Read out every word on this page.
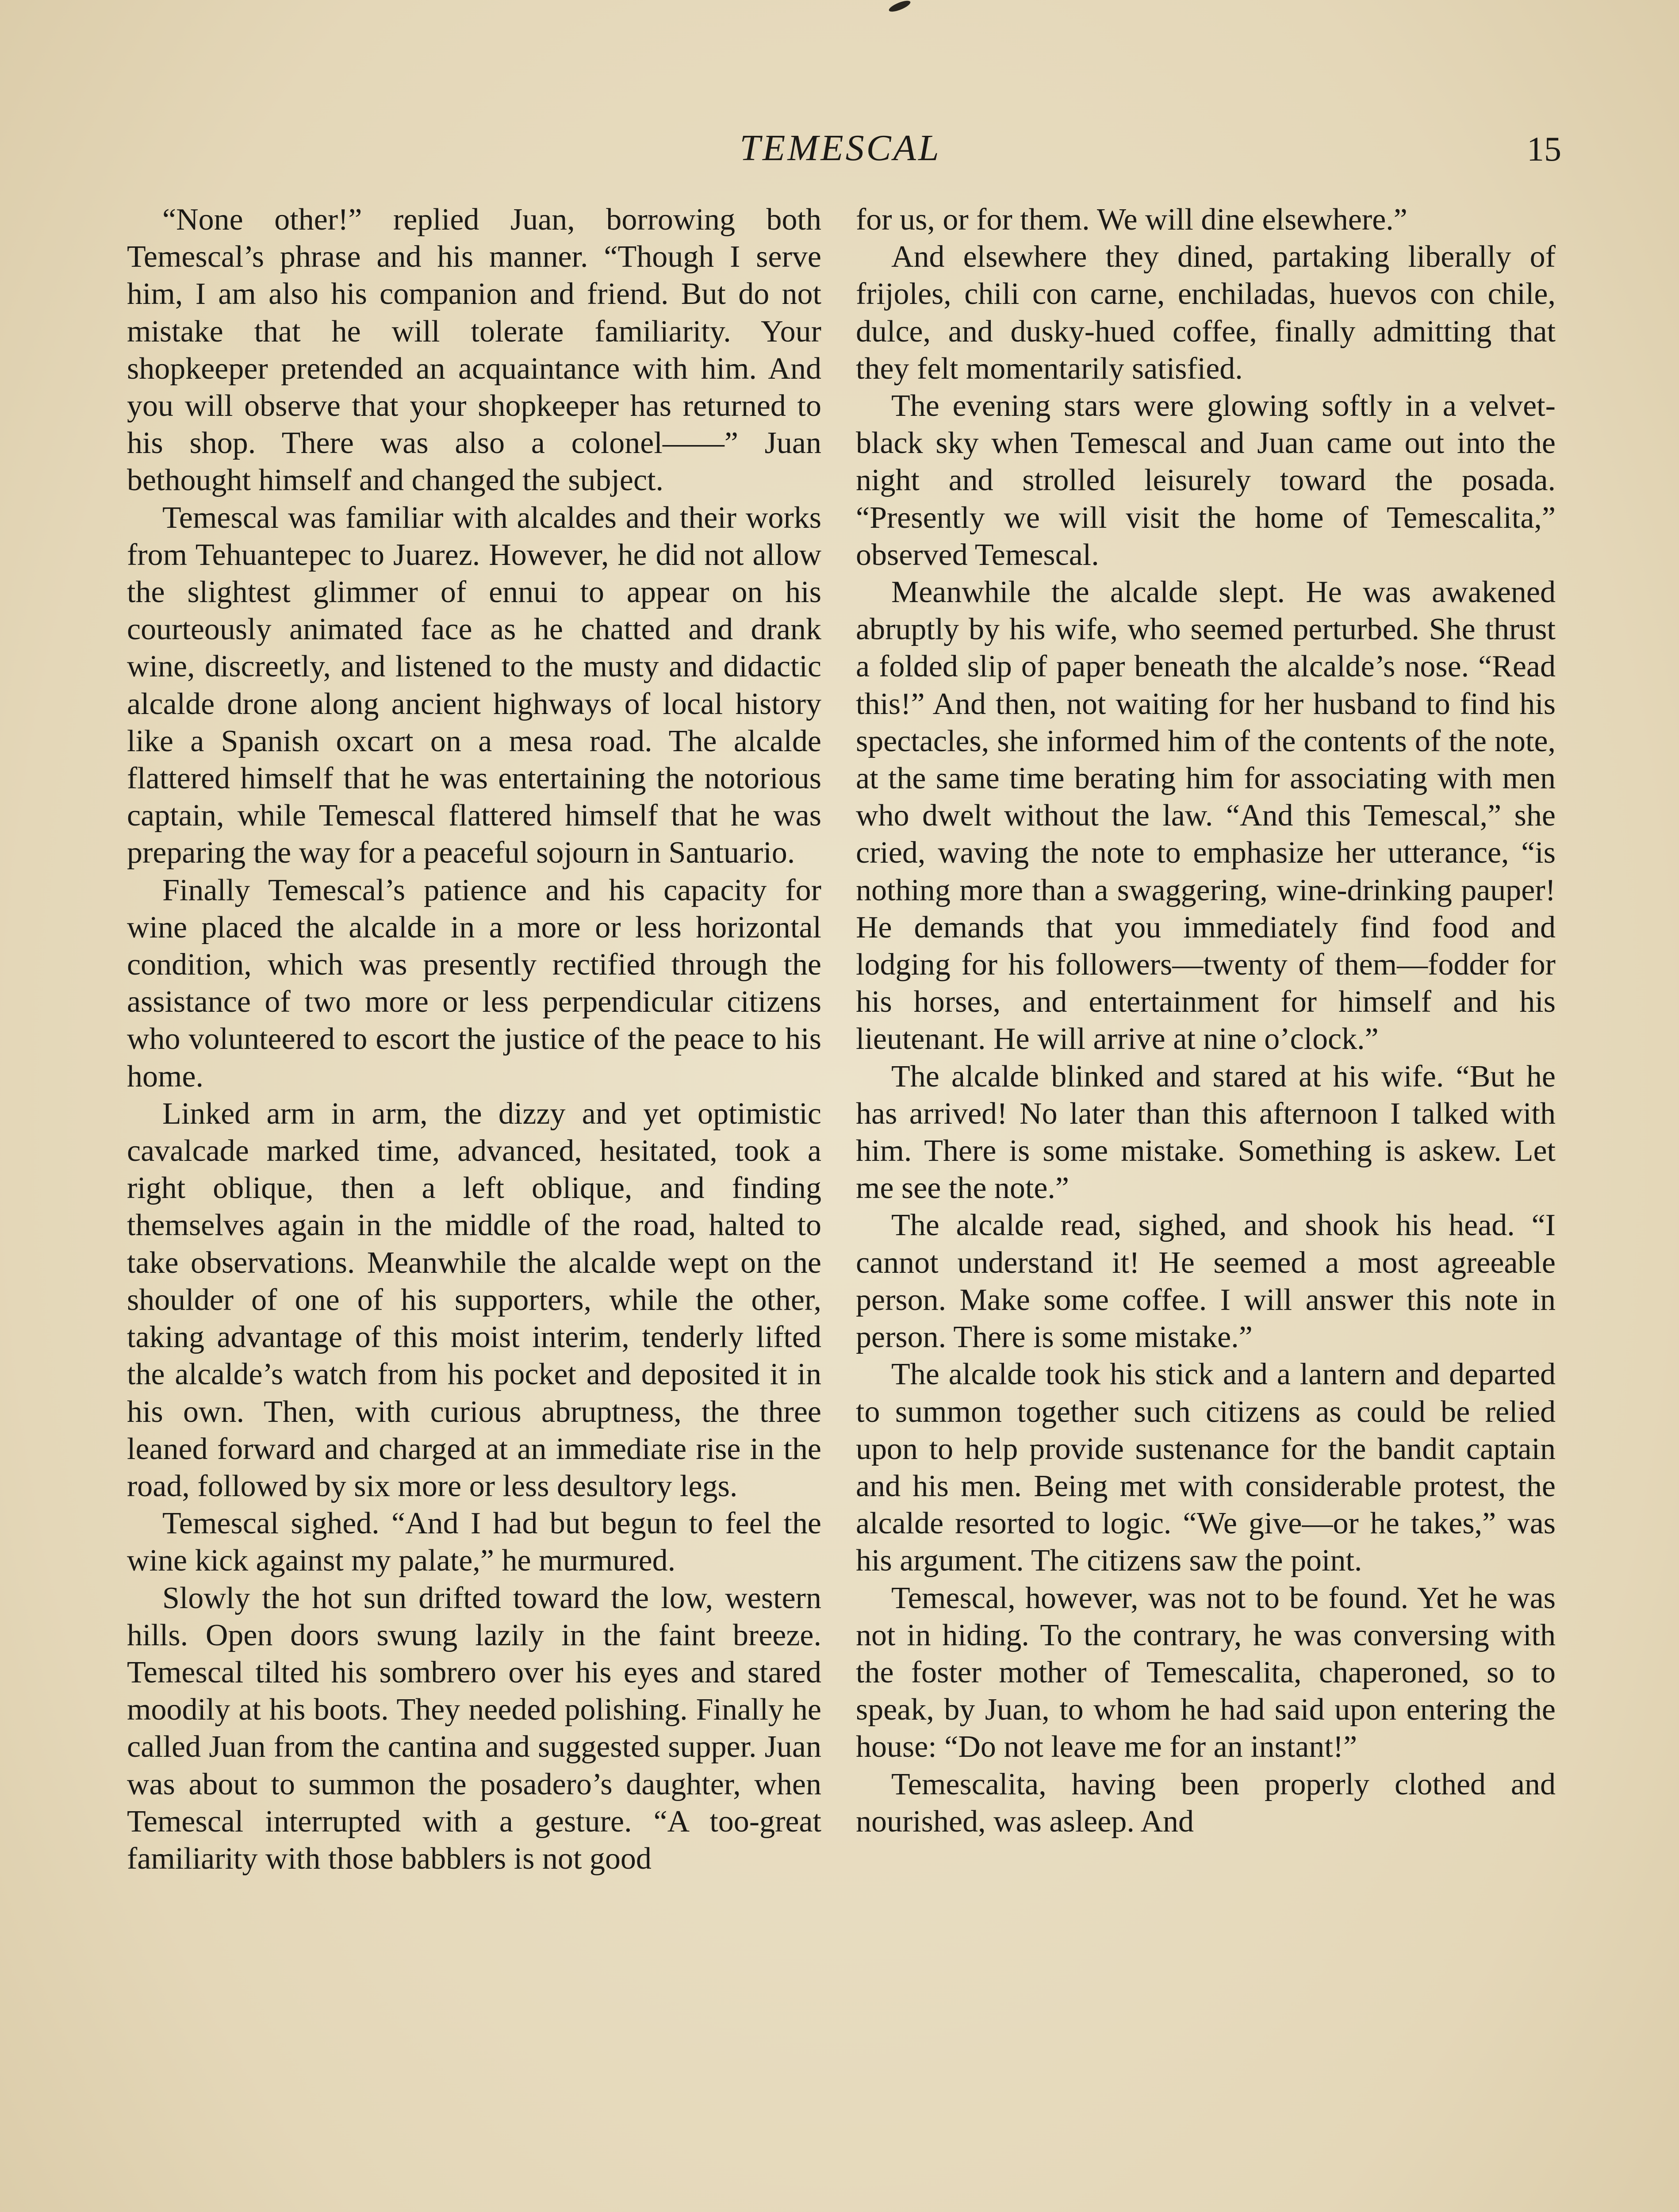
TEMESCAL	15

“None other!” replied Juan, borrowing both Temescal’s phrase and his manner. “Though I serve him, I am also his companion and friend. But do not mistake that he will tolerate familiarity. Your shopkeeper pretended an acquaintance with him. And you will observe that your shopkeeper has returned to his shop. There was also a colonel——” Juan bethought himself and changed the subject.

Temescal was familiar with alcaldes and their works from Tehuantepec to Juarez. However, he did not allow the slightest glimmer of ennui to appear on his courteously animated face as he chatted and drank wine, discreetly, and listened to the musty and didactic alcalde drone along ancient highways of local history like a Spanish oxcart on a mesa road. The alcalde flattered himself that he was entertaining the notorious captain, while Temescal flattered himself that he was preparing the way for a peaceful sojourn in Santuario.

Finally Temescal’s patience and his capacity for wine placed the alcalde in a more or less horizontal condition, which was presently rectified through the assistance of two more or less perpendicular citizens who volunteered to escort the justice of the peace to his home.

Linked arm in arm, the dizzy and yet optimistic cavalcade marked time, advanced, hesitated, took a right oblique, then a left oblique, and finding themselves again in the middle of the road, halted to take observations. Meanwhile the alcalde wept on the shoulder of one of his supporters, while the other, taking advantage of this moist interim, tenderly lifted the alcalde’s watch from his pocket and deposited it in his own. Then, with curious abruptness, the three leaned forward and charged at an immediate rise in the road, followed by six more or less desultory legs.

Temescal sighed. “And I had but begun to feel the wine kick against my palate,” he murmured.

Slowly the hot sun drifted toward the low, western hills. Open doors swung lazily in the faint breeze. Temescal tilted his sombrero over his eyes and stared moodily at his boots. They needed polishing. Finally he called Juan from the cantina and suggested supper. Juan was about to summon the posadero’s daughter, when Temescal interrupted with a gesture. “A too-great familiarity with those babblers is not good

for us, or for them. We will dine elsewhere.”

And elsewhere they dined, partaking liberally of frijoles, chili con carne, enchiladas, huevos con chile, dulce, and dusky-hued coffee, finally admitting that they felt momentarily satisfied.

The evening stars were glowing softly in a velvet-black sky when Temescal and Juan came out into the night and strolled leisurely toward the posada. “Presently we will visit the home of Temescalita,” observed Temescal.

Meanwhile the alcalde slept. He was awakened abruptly by his wife, who seemed perturbed. She thrust a folded slip of paper beneath the alcalde’s nose. “Read this!” And then, not waiting for her husband to find his spectacles, she informed him of the contents of the note, at the same time berating him for associating with men who dwelt without the law. “And this Temescal,” she cried, waving the note to emphasize her utterance, “is nothing more than a swaggering, wine-drinking pauper! He demands that you immediately find food and lodging for his followers—twenty of them—fodder for his horses, and entertainment for himself and his lieutenant. He will arrive at nine o’clock.”

The alcalde blinked and stared at his wife. “But he has arrived! No later than this afternoon I talked with him. There is some mistake. Something is askew. Let me see the note.”

The alcalde read, sighed, and shook his head. “I cannot understand it! He seemed a most agreeable person. Make some coffee. I will answer this note in person. There is some mistake.”

The alcalde took his stick and a lantern and departed to summon together such citizens as could be relied upon to help provide sustenance for the bandit captain and his men. Being met with considerable protest, the alcalde resorted to logic. “We give—or he takes,” was his argument. The citizens saw the point.

Temescal, however, was not to be found. Yet he was not in hiding. To the contrary, he was conversing with the foster mother of Temescalita, chaperoned, so to speak, by Juan, to whom he had said upon entering the house: “Do not leave me for an instant!”

Temescalita, having been properly clothed and nourished, was asleep. And
